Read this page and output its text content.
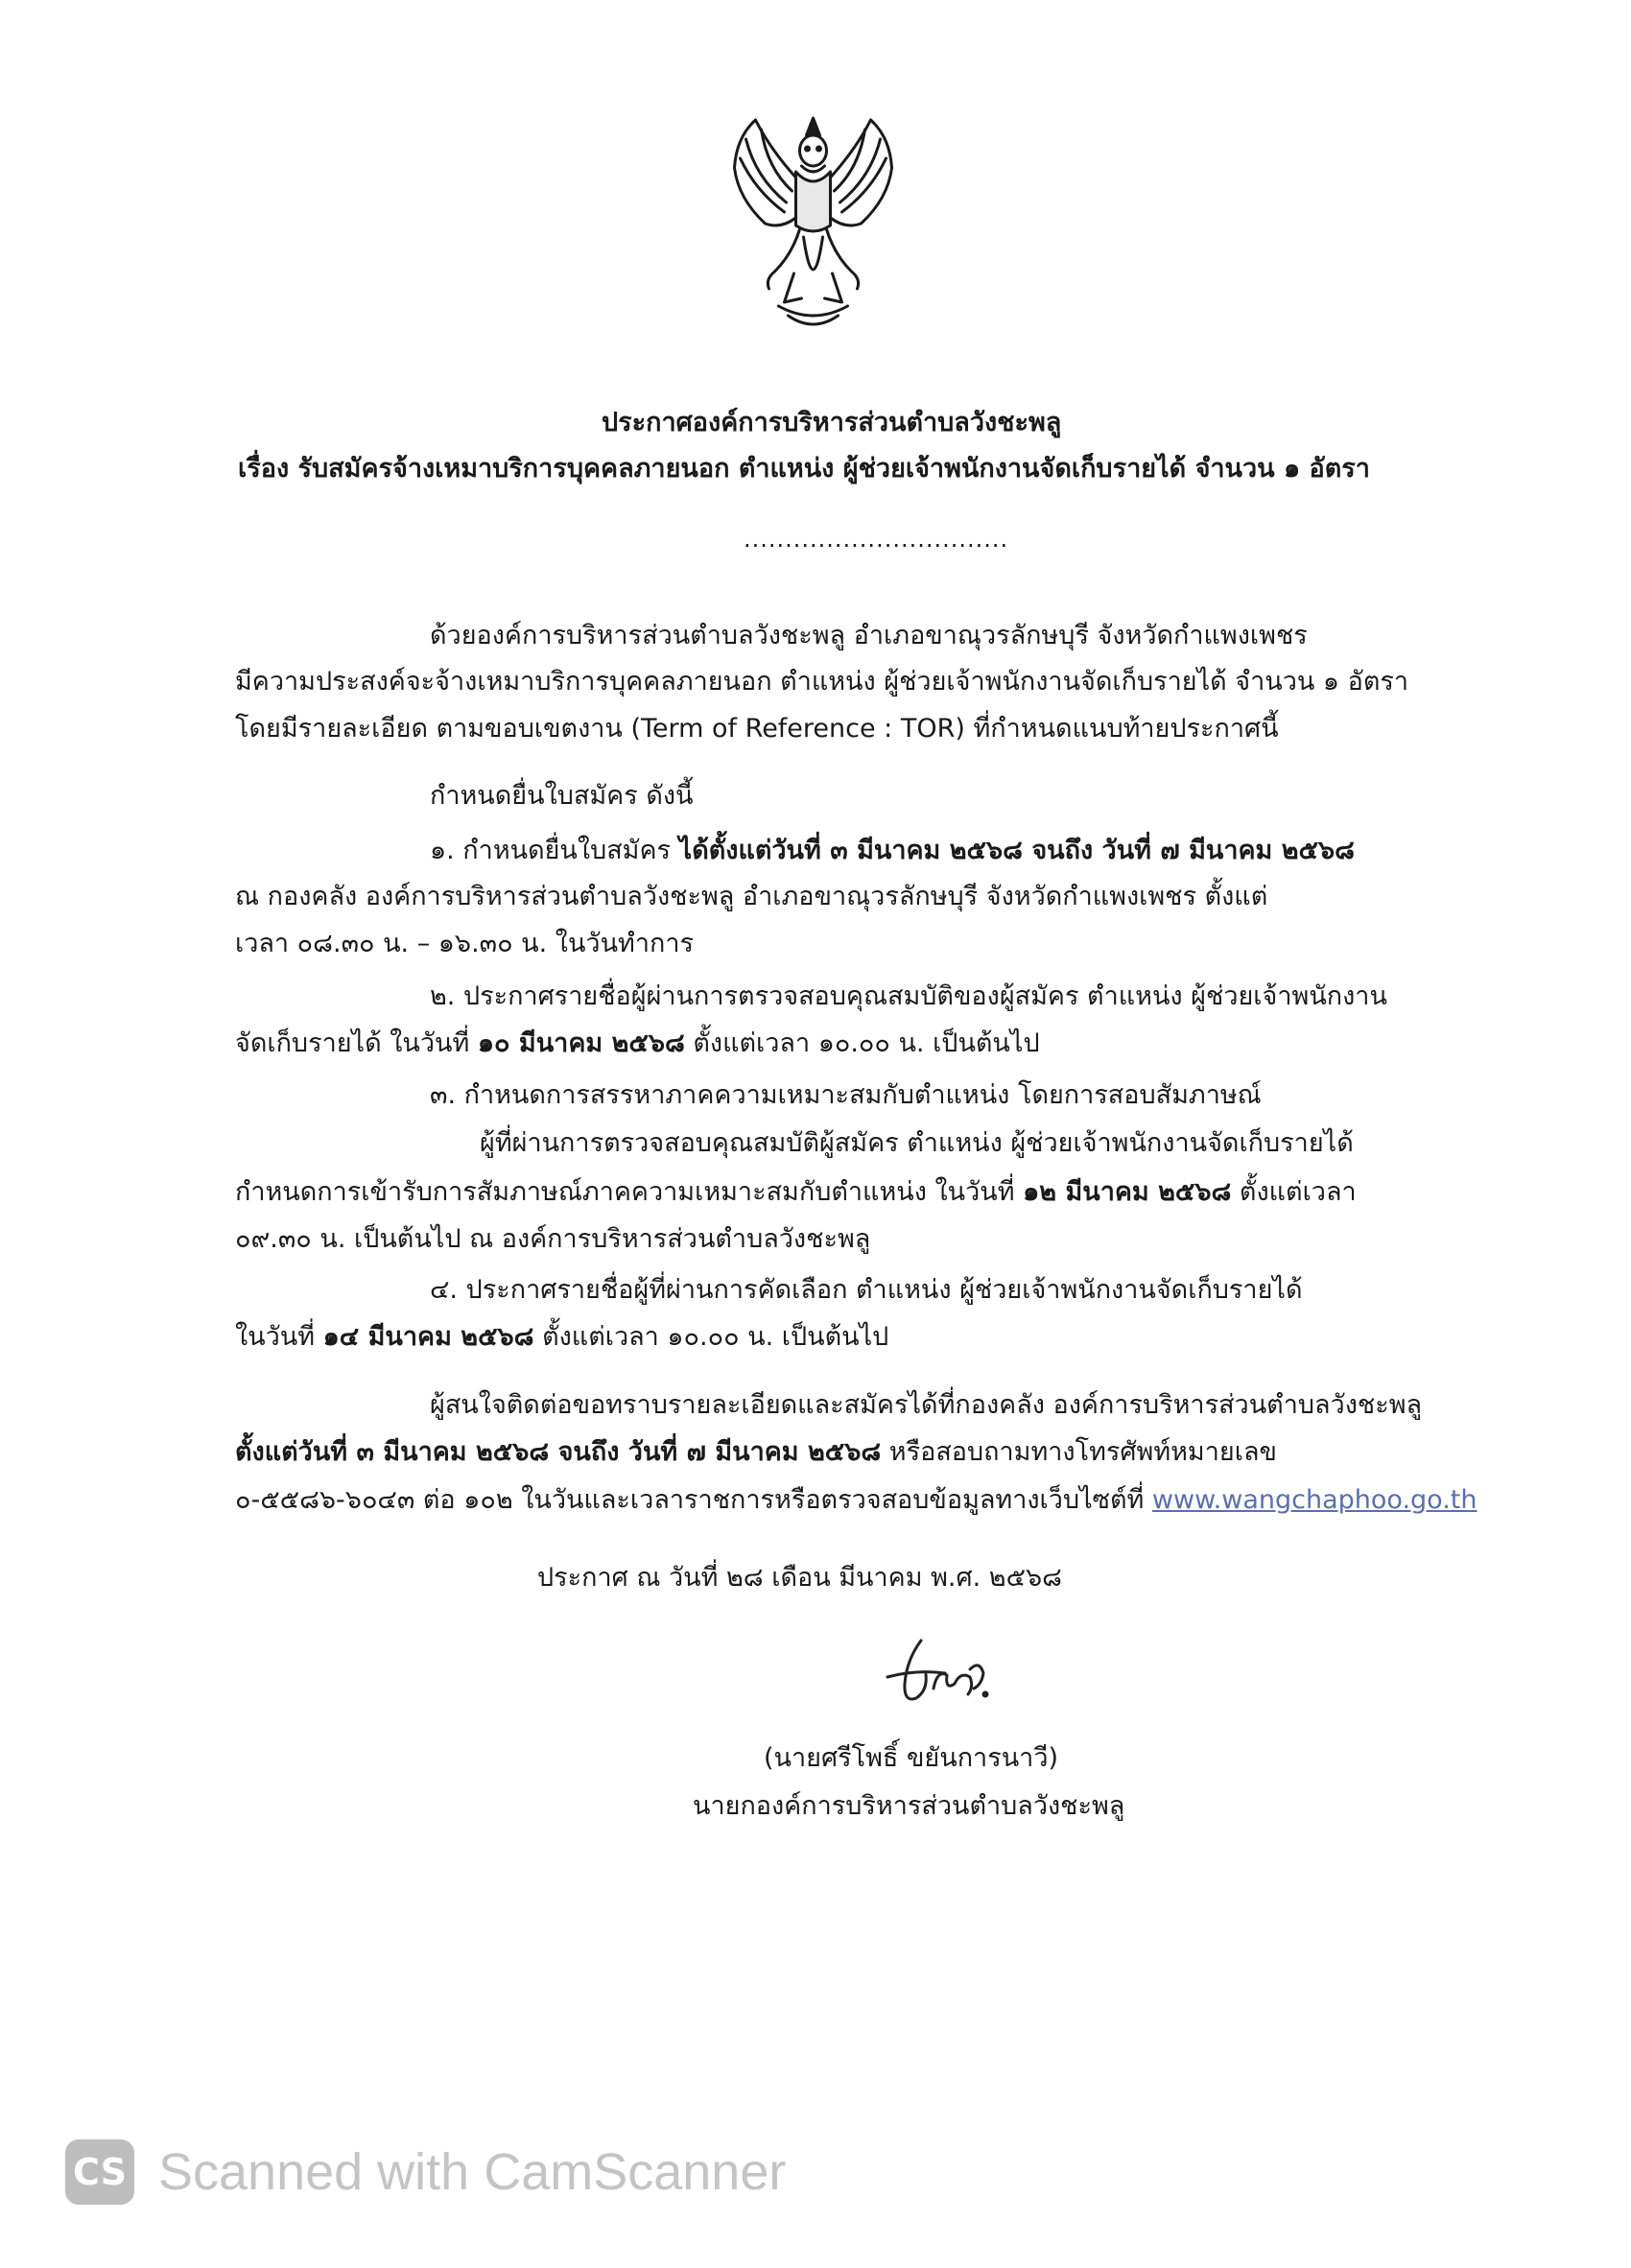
ประกาศองค์การบริหารส่วนตำบลวังชะพลู
เรื่อง รับสมัครจ้างเหมาบริการบุคคลภายนอก ตำแหน่ง ผู้ช่วยเจ้าพนักงานจัดเก็บรายได้ จำนวน ๑ อัตรา
................................
ด้วยองค์การบริหารส่วนตำบลวังชะพลู อำเภอขาณุวรลักษบุรี จังหวัดกำแพงเพชร
มีความประสงค์จะจ้างเหมาบริการบุคคลภายนอก ตำแหน่ง ผู้ช่วยเจ้าพนักงานจัดเก็บรายได้ จำนวน ๑ อัตรา
โดยมีรายละเอียด ตามขอบเขตงาน (Term of Reference : TOR) ที่กำหนดแนบท้ายประกาศนี้
กำหนดยื่นใบสมัคร ดังนี้
๑. กำหนดยื่นใบสมัคร ได้ตั้งแต่วันที่ ๓ มีนาคม ๒๕๖๘ จนถึง วันที่ ๗ มีนาคม ๒๕๖๘
ณ กองคลัง องค์การบริหารส่วนตำบลวังชะพลู อำเภอขาณุวรลักษบุรี จังหวัดกำแพงเพชร ตั้งแต่
เวลา ๐๘.๓๐ น. – ๑๖.๓๐ น. ในวันทำการ
๒. ประกาศรายชื่อผู้ผ่านการตรวจสอบคุณสมบัติของผู้สมัคร ตำแหน่ง ผู้ช่วยเจ้าพนักงาน
จัดเก็บรายได้ ในวันที่ ๑๐ มีนาคม ๒๕๖๘ ตั้งแต่เวลา ๑๐.๐๐ น. เป็นต้นไป
๓. กำหนดการสรรหาภาคความเหมาะสมกับตำแหน่ง โดยการสอบสัมภาษณ์
ผู้ที่ผ่านการตรวจสอบคุณสมบัติผู้สมัคร ตำแหน่ง ผู้ช่วยเจ้าพนักงานจัดเก็บรายได้
กำหนดการเข้ารับการสัมภาษณ์ภาคความเหมาะสมกับตำแหน่ง ในวันที่ ๑๒ มีนาคม ๒๕๖๘ ตั้งแต่เวลา
๐๙.๓๐ น. เป็นต้นไป ณ องค์การบริหารส่วนตำบลวังชะพลู
๔. ประกาศรายชื่อผู้ที่ผ่านการคัดเลือก ตำแหน่ง ผู้ช่วยเจ้าพนักงานจัดเก็บรายได้
ในวันที่ ๑๔ มีนาคม ๒๕๖๘ ตั้งแต่เวลา ๑๐.๐๐ น. เป็นต้นไป
ผู้สนใจติดต่อขอทราบรายละเอียดและสมัครได้ที่กองคลัง องค์การบริหารส่วนตำบลวังชะพลู
ตั้งแต่วันที่ ๓ มีนาคม ๒๕๖๘ จนถึง วันที่ ๗ มีนาคม ๒๕๖๘ หรือสอบถามทางโทรศัพท์หมายเลข
๐-๕๕๘๖-๖๐๔๓ ต่อ ๑๐๒ ในวันและเวลาราชการหรือตรวจสอบข้อมูลทางเว็บไซต์ที่ www.wangchaphoo.go.th
ประกาศ ณ วันที่ ๒๘ เดือน มีนาคม พ.ศ. ๒๕๖๘
(นายศรีโพธิ์ ขยันการนาวี)
นายกองค์การบริหารส่วนตำบลวังชะพลู
CS Scanned with CamScanner
